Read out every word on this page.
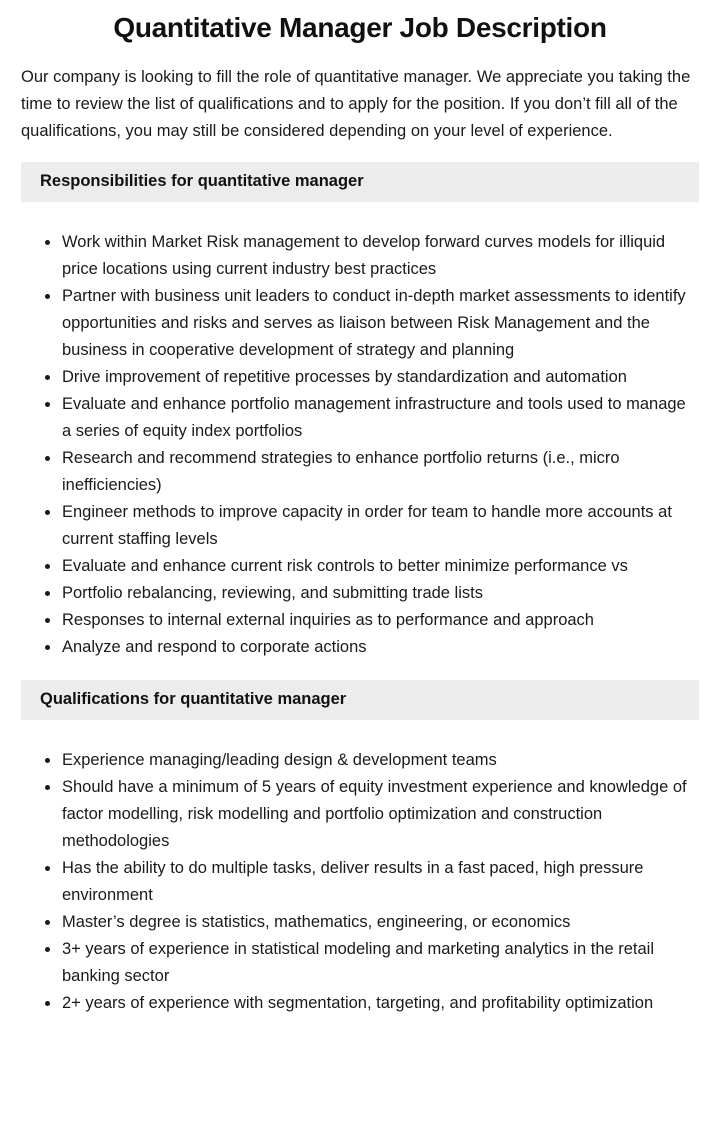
Quantitative Manager Job Description

Our company is looking to fill the role of quantitative manager. We appreciate you taking the time to review the list of qualifications and to apply for the position. If you don’t fill all of the qualifications, you may still be considered depending on your level of experience.

Responsibilities for quantitative manager
• Work within Market Risk management to develop forward curves models for illiquid price locations using current industry best practices
• Partner with business unit leaders to conduct in-depth market assessments to identify opportunities and risks and serves as liaison between Risk Management and the business in cooperative development of strategy and planning
• Drive improvement of repetitive processes by standardization and automation
• Evaluate and enhance portfolio management infrastructure and tools used to manage a series of equity index portfolios
• Research and recommend strategies to enhance portfolio returns (i.e., micro inefficiencies)
• Engineer methods to improve capacity in order for team to handle more accounts at current staffing levels
• Evaluate and enhance current risk controls to better minimize performance vs
• Portfolio rebalancing, reviewing, and submitting trade lists
• Responses to internal external inquiries as to performance and approach
• Analyze and respond to corporate actions
Qualifications for quantitative manager
• Experience managing/leading design & development teams
• Should have a minimum of 5 years of equity investment experience and knowledge of factor modelling, risk modelling and portfolio optimization and construction methodologies
• Has the ability to do multiple tasks, deliver results in a fast paced, high pressure environment
• Master’s degree is statistics, mathematics, engineering, or economics
• 3+ years of experience in statistical modeling and marketing analytics in the retail banking sector
• 2+ years of experience with segmentation, targeting, and profitability optimization
